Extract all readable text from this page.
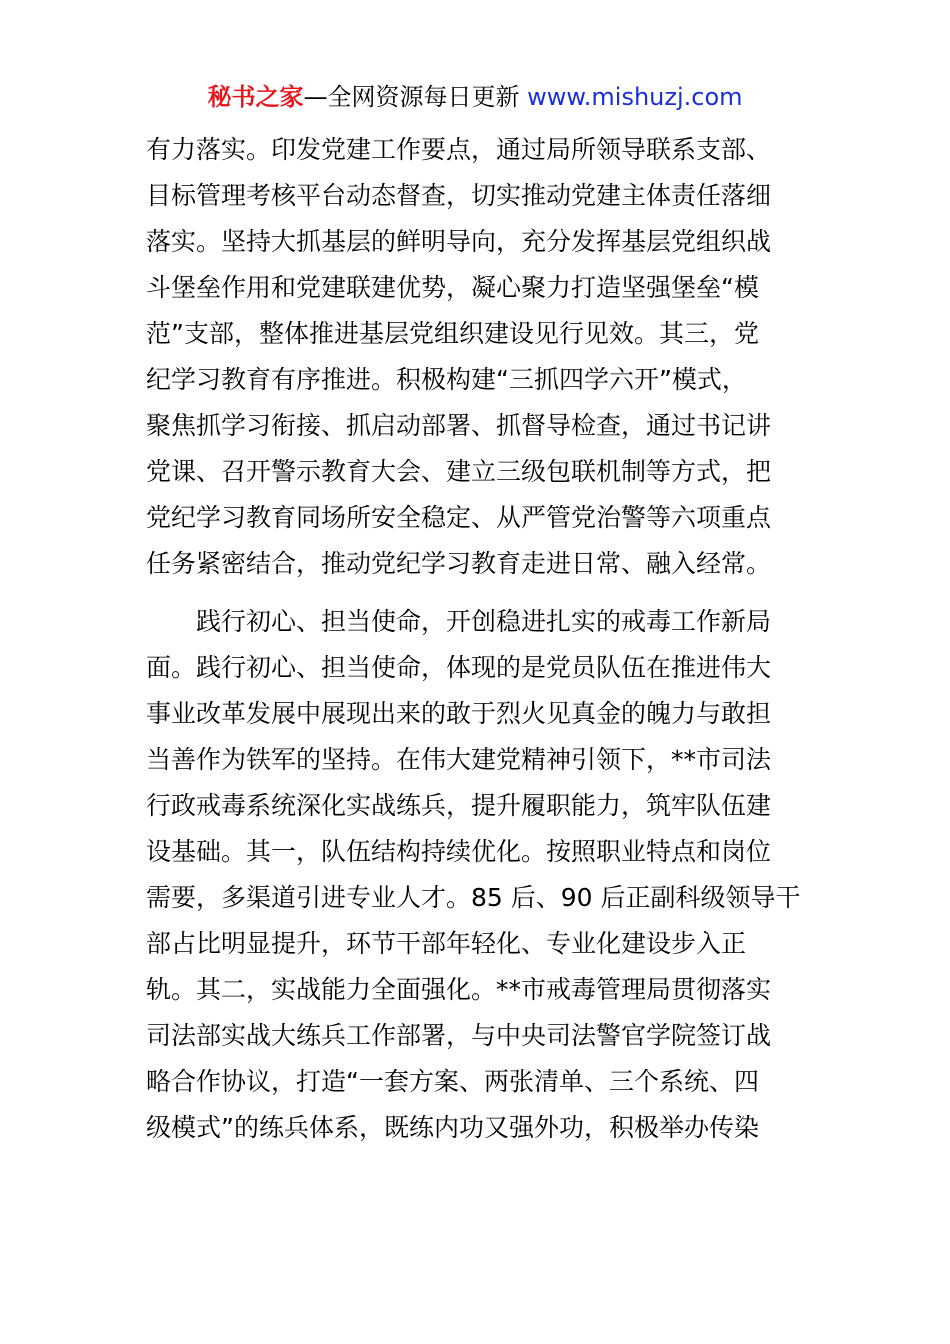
秘书之家—全网资源每日更新 www.mishuzj.com
有力落实。印发党建工作要点，通过局所领导联系支部、
目标管理考核平台动态督查，切实推动党建主体责任落细
落实。坚持大抓基层的鲜明导向，充分发挥基层党组织战
斗堡垒作用和党建联建优势，凝心聚力打造坚强堡垒“模
范”支部，整体推进基层党组织建设见行见效。其三，党
纪学习教育有序推进。积极构建“三抓四学六开”模式，
聚焦抓学习衔接、抓启动部署、抓督导检查，通过书记讲
党课、召开警示教育大会、建立三级包联机制等方式，把
党纪学习教育同场所安全稳定、从严管党治警等六项重点
任务紧密结合，推动党纪学习教育走进日常、融入经常。
　　践行初心、担当使命，开创稳进扎实的戒毒工作新局
面。践行初心、担当使命，体现的是党员队伍在推进伟大
事业改革发展中展现出来的敢于烈火见真金的魄力与敢担
当善作为铁军的坚持。在伟大建党精神引领下，**市司法
行政戒毒系统深化实战练兵，提升履职能力，筑牢队伍建
设基础。其一，队伍结构持续优化。按照职业特点和岗位
需要，多渠道引进专业人才。85 后、90 后正副科级领导干
部占比明显提升，环节干部年轻化、专业化建设步入正
轨。其二，实战能力全面强化。**市戒毒管理局贯彻落实
司法部实战大练兵工作部署，与中央司法警官学院签订战
略合作协议，打造“一套方案、两张清单、三个系统、四
级模式”的练兵体系，既练内功又强外功，积极举办传染
